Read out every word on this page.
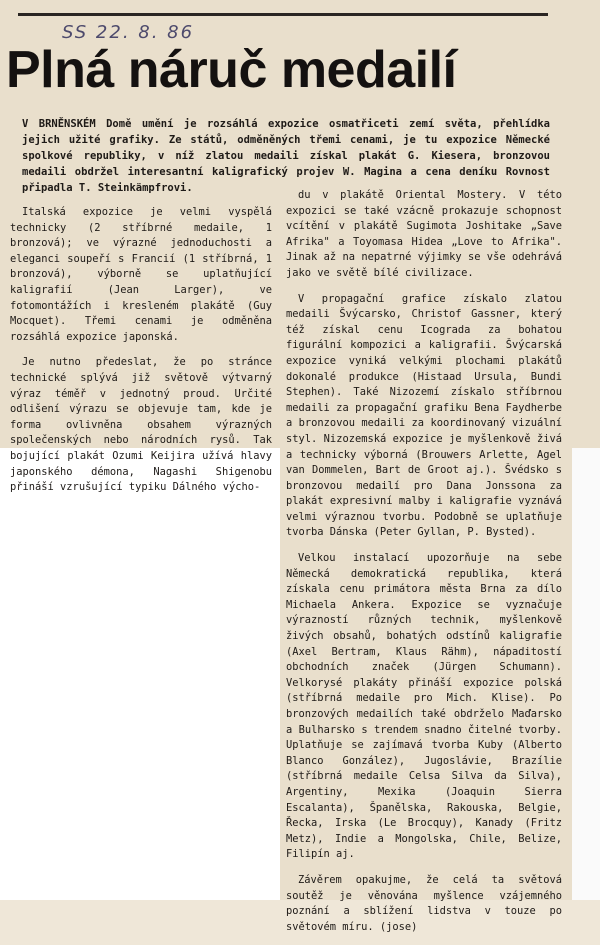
SS 22. 8. 86
Plná náruč medailí

V BRNĚNSKÉM Domě umění je rozsáhlá expozice osmatřiceti zemí světa, přehlídka jejich užité grafiky. Ze států, odměněných třemi cenami, je tu expozice Německé spolkové republiky, v níž zlatou medaili získal plakát G. Kiesera, bronzovou medaili obdržel interesantní kaligrafický projev W. Magina a cena deníku Rovnost připadla T. Steinkämpfrovi.

Italská expozice je velmi vyspělá technicky (2 stříbrné medaile, 1 bronzová); ve výrazné jednoduchosti a eleganci soupeří s Francií (1 stříbrná, 1 bronzová), výborně se uplatňující kaligrafií (Jean Larger), ve fotomontážích i kresleném plakátě (Guy Mocquet). Třemi cenami je odměněna rozsáhlá expozice japonská.

Je nutno předeslat, že po stránce technické splývá již světově výtvarný výraz téměř v jednotný proud. Určité odlišení výrazu se objevuje tam, kde je forma ovlivněna obsahem výrazných společenských nebo národních rysů. Tak bojující plakát Ozumi Keijira užívá hlavy japonského démona, Nagashi Shigenobu přináší vzrušující typiku Dálného výcho-

du v plakátě Oriental Mostery. V této expozici se také vzácně prokazuje schopnost vcítění v plakátě Sugimota Joshitake „Save Afrika" a Toyomasa Hidea „Love to Afrika". Jinak až na nepatrné výjimky se vše odehrává jako ve světě bílé civilizace.

V propagační grafice získalo zlatou medaili Švýcarsko, Christof Gassner, který též získal cenu Icograda za bohatou figurální kompozici a kaligrafii. Švýcarská expozice vyniká velkými plochami plakátů dokonalé produkce (Histaad Ursula, Bundi Stephen). Také Nizozemí získalo stříbrnou medaili za propagační grafiku Bena Faydherbe a bronzovou medaili za koordinovaný vizuální styl. Nizozemská expozice je myšlenkově živá a technicky výborná (Brouwers Arlette, Agel van Dommelen, Bart de Groot aj.). Švédsko s bronzovou medailí pro Dana Jonssona za plakát expresivní malby i kaligrafie vyznává velmi výraznou tvorbu. Podobně se uplatňuje tvorba Dánska (Peter Gyllan, P. Bysted).

Velkou instalací upozorňuje na sebe Německá demokratická republika, která získala cenu primátora města Brna za dílo Michaela Ankera. Expozice se vyznačuje výrazností různých technik, myšlenkově živých obsahů, bohatých odstínů kaligrafie (Axel Bertram, Klaus Rähm), nápaditostí obchodních značek (Jürgen Schumann). Velkorysé plakáty přináší expozice polská (stříbrná medaile pro Mich. Klise). Po bronzových medailích také obdrželo Maďarsko a Bulharsko s trendem snadno čitelné tvorby. Uplatňuje se zajímavá tvorba Kuby (Alberto Blanco González), Jugoslávie, Brazílie (stříbrná medaile Celsa Silva da Silva), Argentiny, Mexika (Joaquin Sierra Escalanta), Španělska, Rakouska, Belgie, Řecka, Irska (Le Brocquy), Kanady (Fritz Metz), Indie a Mongolska, Chile, Belize, Filipín aj.

Závěrem opakujme, že celá ta světová soutěž je věnována myšlence vzájemného poznání a sblížení lidstva v touze po světovém míru. (jose)
